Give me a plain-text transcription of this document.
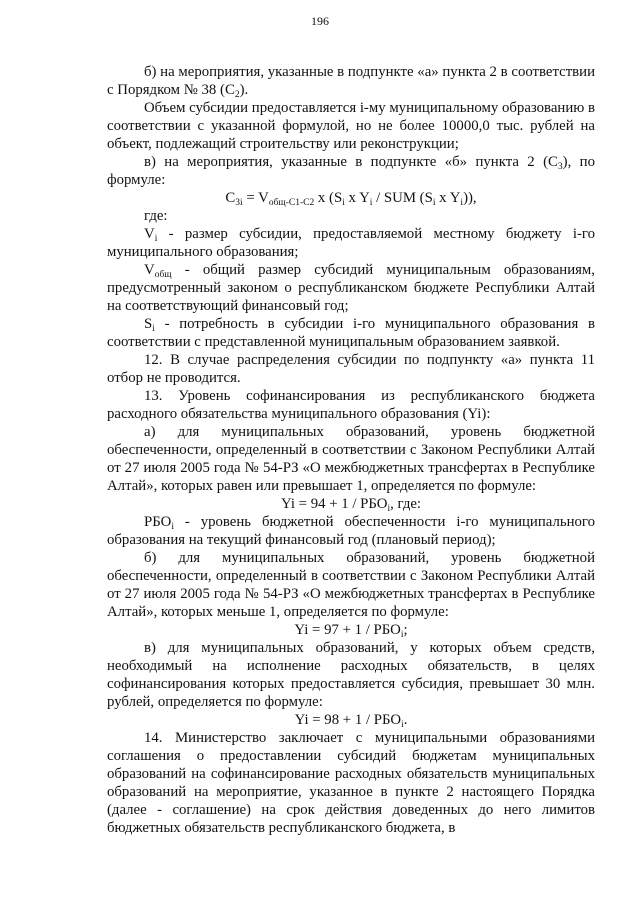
196

б) на мероприятия, указанные в подпункте «а» пункта 2 в соответствии с Порядком № 38 $(C_2)$.

Объем субсидии предоставляется i-му муниципальному образованию в соответствии с указанной формулой, но не более 10000,0 тыс. рублей на объект, подлежащий строительству или реконструкции;

в) на мероприятия, указанные в подпункте «б» пункта 2 $(C_3)$, по формуле:

$C_{3i} = V_{общ-C1-C2}$ x ($S_i$ x $Y_i$ / SUM ($S_i$ x $Y_i$)),

где:

$V_i$ - размер субсидии, предоставляемой местному бюджету i-го муниципального образования;

$V_{общ}$ - общий размер субсидий муниципальным образованиям, предусмотренный законом о республиканском бюджете Республики Алтай на соответствующий финансовый год;

$S_i$ - потребность в субсидии i-го муниципального образования в соответствии с представленной муниципальным образованием заявкой.

12. В случае распределения субсидии по подпункту «а» пункта 11 отбор не проводится.

13. Уровень софинансирования из республиканского бюджета расходного обязательства муниципального образования (Yi):

а) для муниципальных образований, уровень бюджетной обеспеченности, определенный в соответствии с Законом Республики Алтай от 27 июля 2005 года № 54-РЗ «О межбюджетных трансфертах в Республике Алтай», которых равен или превышает 1, определяется по формуле:

$Yi = 94 + 1 / РБО_i$, где:

$РБО_i$ - уровень бюджетной обеспеченности i-го муниципального образования на текущий финансовый год (плановый период);

б) для муниципальных образований, уровень бюджетной обеспеченности, определенный в соответствии с Законом Республики Алтай от 27 июля 2005 года № 54-РЗ «О межбюджетных трансфертах в Республике Алтай», которых меньше 1, определяется по формуле:

$Yi = 97 + 1 / РБО_i$;

в) для муниципальных образований, у которых объем средств, необходимый на исполнение расходных обязательств, в целях софинансирования которых предоставляется субсидия, превышает 30 млн. рублей, определяется по формуле:

$Yi = 98 + 1 / РБО_i$.

14. Министерство заключает с муниципальными образованиями соглашения о предоставлении субсидий бюджетам муниципальных образований на софинансирование расходных обязательств муниципальных образований на мероприятие, указанное в пункте 2 настоящего Порядка (далее - соглашение) на срок действия доведенных до него лимитов бюджетных обязательств республиканского бюджета, в
